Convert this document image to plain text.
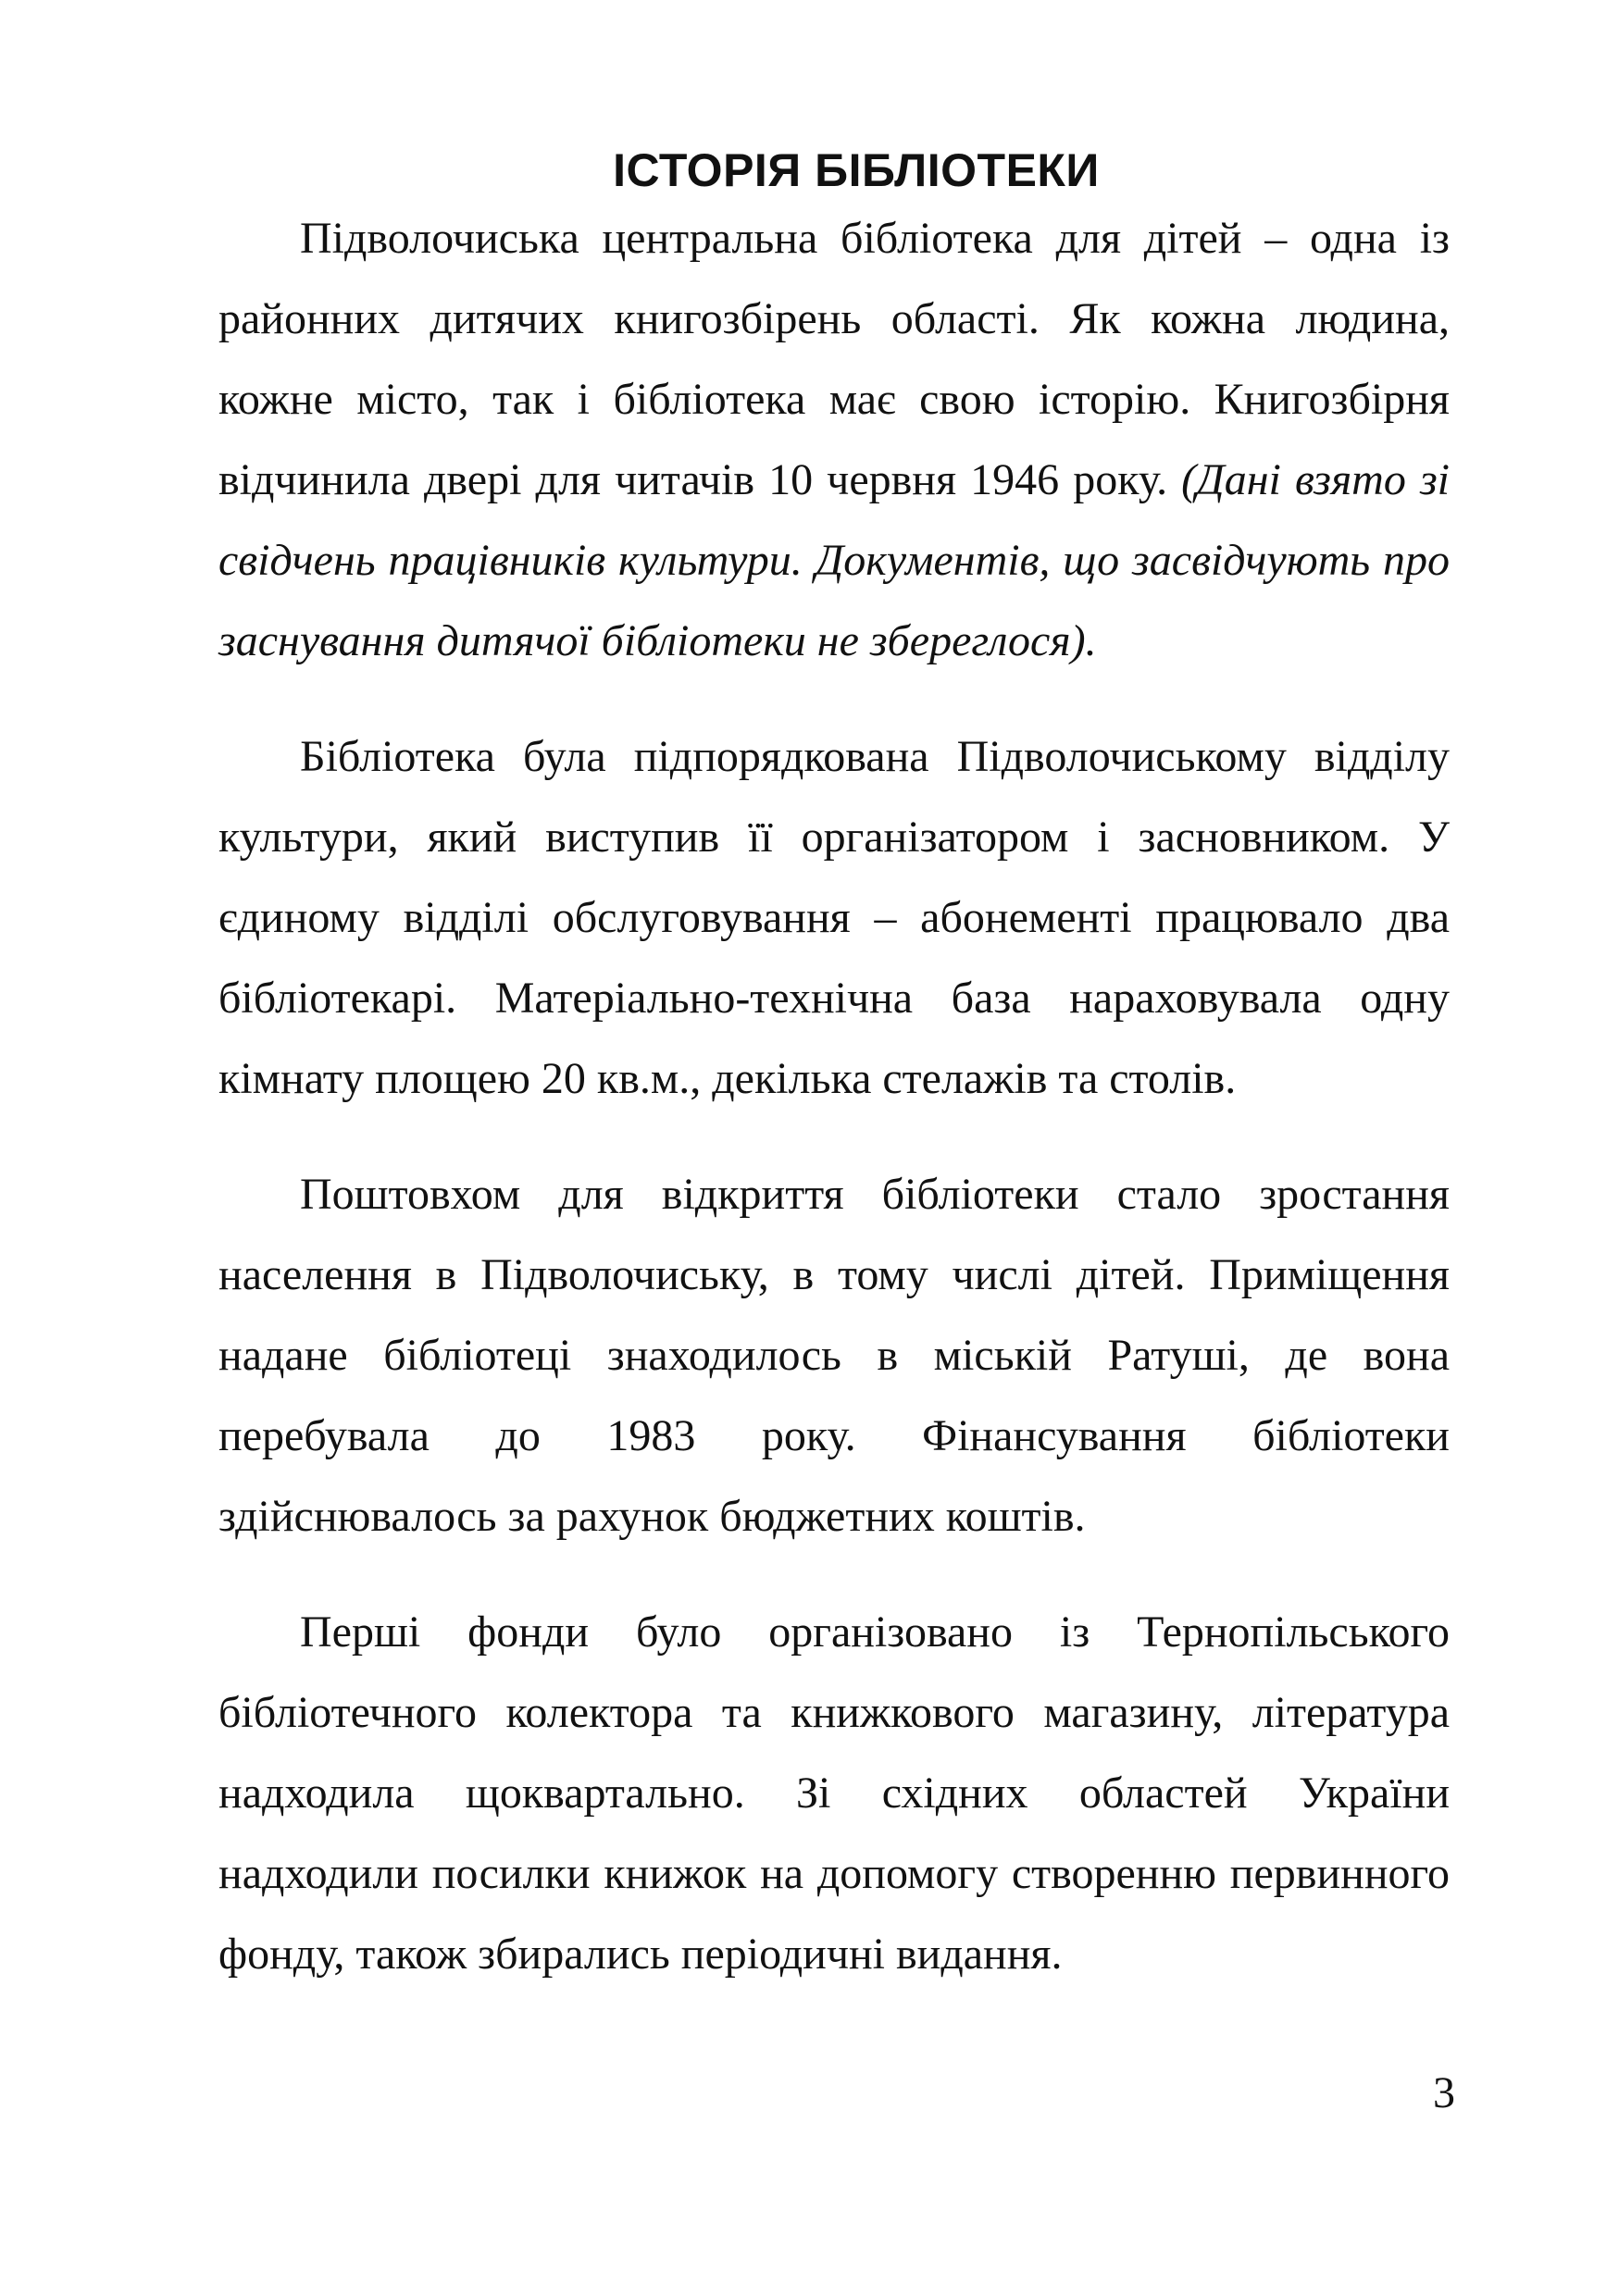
ІСТОРІЯ БІБЛІОТЕКИ

Підволочиська центральна бібліотека для дітей – одна із районних дитячих книгозбірень області. Як кожна людина, кожне місто, так і бібліотека має свою історію. Книгозбірня відчинила двері для читачів 10 червня 1946 року. (Дані взято зі свідчень працівників культури. Документів, що засвідчують про заснування дитячої бібліотеки не збереглося).

Бібліотека була підпорядкована Підволочиському відділу культури, який виступив її організатором і засновником. У єдиному відділі обслуговування – абонементі працювало два бібліотекарі. Матеріально-технічна база нараховувала одну кімнату площею 20 кв.м., декілька стелажів та столів.

Поштовхом для відкриття бібліотеки стало зростання населення в Підволочиську, в тому числі дітей. Приміщення надане бібліотеці знаходилось в міській Ратуші, де вона перебувала до 1983 року. Фінансування бібліотеки здійснювалось за рахунок бюджетних коштів.

Перші фонди було організовано із Тернопільського бібліотечного колектора та книжкового магазину, література надходила щоквартально. Зі східних областей України надходили посилки книжок на допомогу створенню первинного фонду, також збирались періодичні видання.

3
